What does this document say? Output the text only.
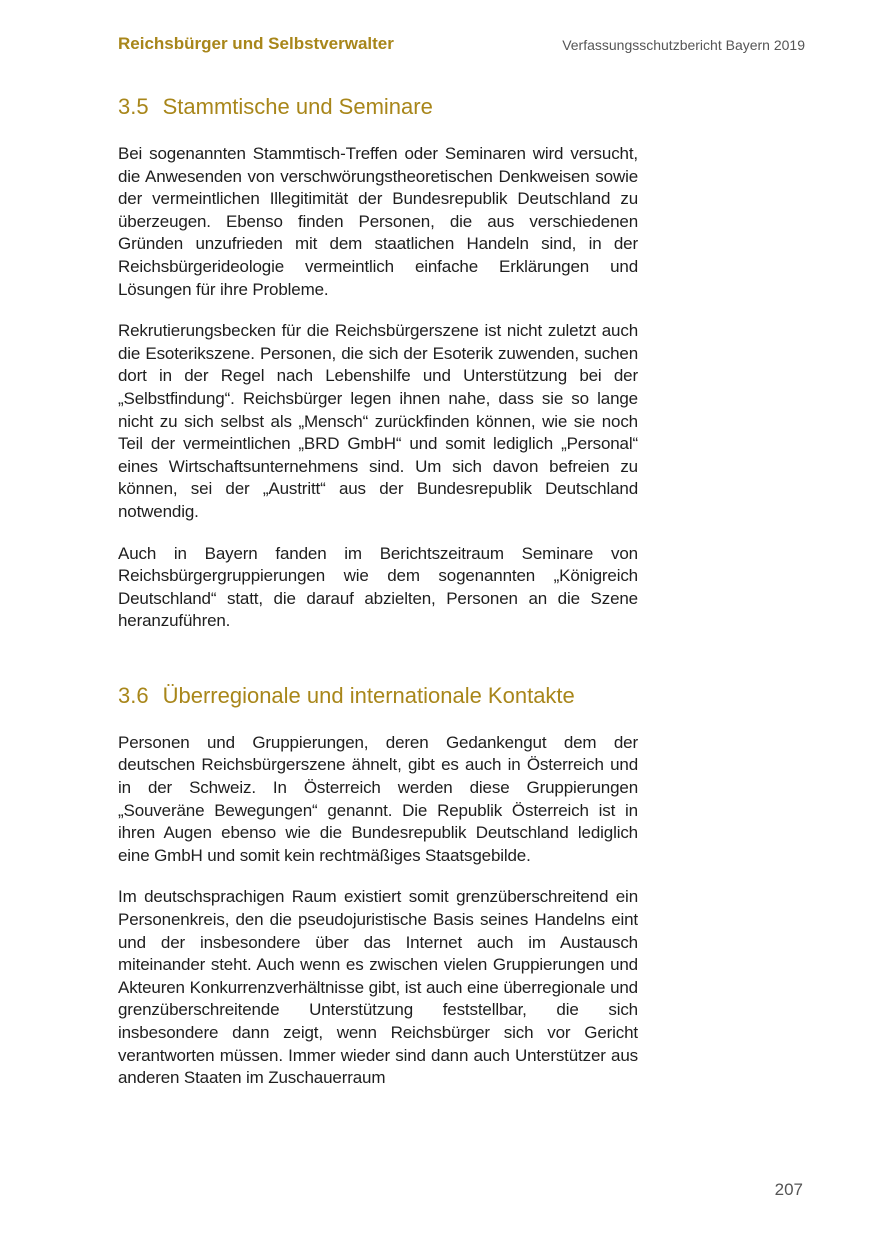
Reichsbürger und Selbstverwalter	Verfassungsschutzbericht Bayern 2019
3.5 Stammtische und Seminare

Bei sogenannten Stammtisch-Treffen oder Seminaren wird versucht, die Anwesenden von verschwörungstheoretischen Denkweisen sowie der vermeintlichen Illegitimität der Bundesrepublik Deutschland zu überzeugen. Ebenso finden Personen, die aus verschiedenen Gründen unzufrieden mit dem staatlichen Handeln sind, in der Reichsbürgerideologie vermeintlich einfache Erklärungen und Lösungen für ihre Probleme.

Rekrutierungsbecken für die Reichsbürgerszene ist nicht zuletzt auch die Esoterikszene. Personen, die sich der Esoterik zuwenden, suchen dort in der Regel nach Lebenshilfe und Unterstützung bei der „Selbstfindung“. Reichsbürger legen ihnen nahe, dass sie so lange nicht zu sich selbst als „Mensch“ zurückfinden können, wie sie noch Teil der vermeintlichen „BRD GmbH“ und somit lediglich „Personal“ eines Wirtschaftsunternehmens sind. Um sich davon befreien zu können, sei der „Austritt“ aus der Bundesrepublik Deutschland notwendig.

Auch in Bayern fanden im Berichtszeitraum Seminare von Reichsbürgergruppierungen wie dem sogenannten „Königreich Deutschland“ statt, die darauf abzielten, Personen an die Szene heranzuführen.

3.6 Überregionale und internationale Kontakte

Personen und Gruppierungen, deren Gedankengut dem der deutschen Reichsbürgerszene ähnelt, gibt es auch in Österreich und in der Schweiz. In Österreich werden diese Gruppierungen „Souveräne Bewegungen“ genannt. Die Republik Österreich ist in ihren Augen ebenso wie die Bundesrepublik Deutschland lediglich eine GmbH und somit kein rechtmäßiges Staatsgebilde.

Im deutschsprachigen Raum existiert somit grenzüberschreitend ein Personenkreis, den die pseudojuristische Basis seines Handelns eint und der insbesondere über das Internet auch im Austausch miteinander steht. Auch wenn es zwischen vielen Gruppierungen und Akteuren Konkurrenzverhältnisse gibt, ist auch eine überregionale und grenzüberschreitende Unterstützung feststellbar, die sich insbesondere dann zeigt, wenn Reichsbürger sich vor Gericht verantworten müssen. Immer wieder sind dann auch Unterstützer aus anderen Staaten im Zuschauerraum

207
